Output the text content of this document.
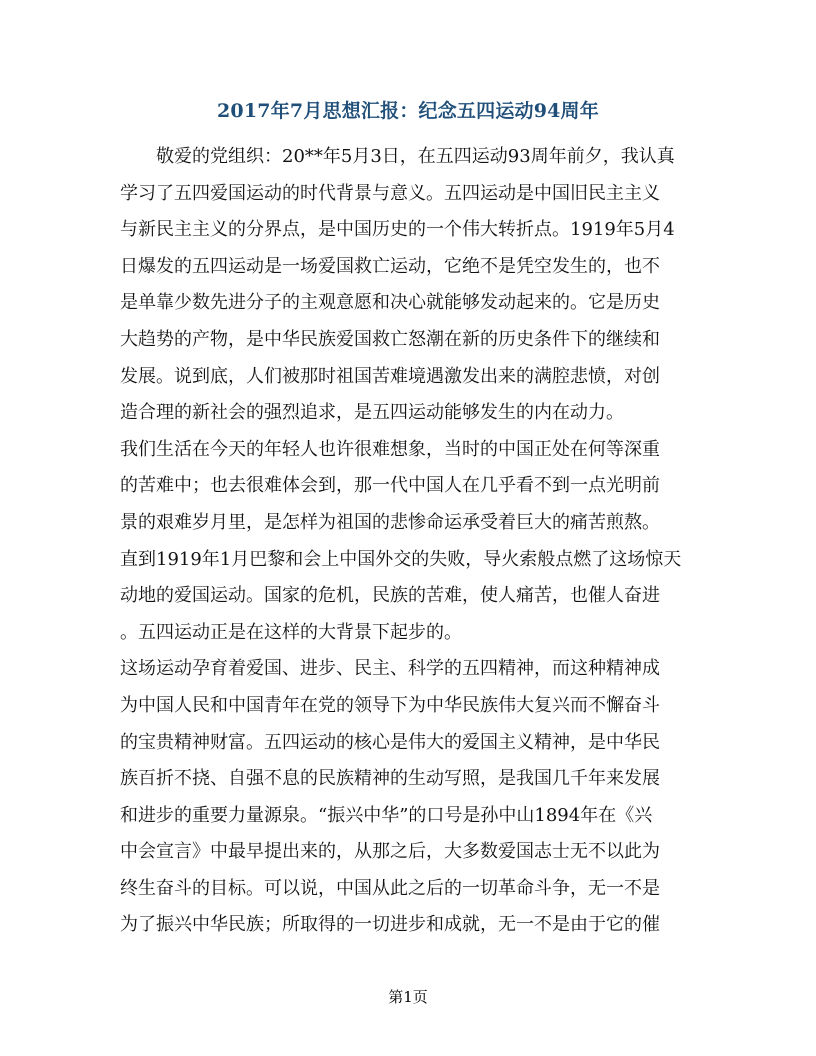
2017年7月思想汇报：纪念五四运动94周年
敬爱的党组织：20**年5月3日，在五四运动93周年前夕，我认真
学习了五四爱国运动的时代背景与意义。五四运动是中国旧民主主义
与新民主主义的分界点，是中国历史的一个伟大转折点。1919年5月4
日爆发的五四运动是一场爱国救亡运动，它绝不是凭空发生的，也不
是单靠少数先进分子的主观意愿和决心就能够发动起来的。它是历史
大趋势的产物，是中华民族爱国救亡怒潮在新的历史条件下的继续和
发展。说到底，人们被那时祖国苦难境遇激发出来的满腔悲愤，对创
造合理的新社会的强烈追求，是五四运动能够发生的内在动力。
我们生活在今天的年轻人也许很难想象，当时的中国正处在何等深重
的苦难中；也去很难体会到，那一代中国人在几乎看不到一点光明前
景的艰难岁月里，是怎样为祖国的悲惨命运承受着巨大的痛苦煎熬。
直到1919年1月巴黎和会上中国外交的失败，导火索般点燃了这场惊天
动地的爱国运动。国家的危机，民族的苦难，使人痛苦，也催人奋进
。五四运动正是在这样的大背景下起步的。
这场运动孕育着爱国、进步、民主、科学的五四精神，而这种精神成
为中国人民和中国青年在党的领导下为中华民族伟大复兴而不懈奋斗
的宝贵精神财富。五四运动的核心是伟大的爱国主义精神，是中华民
族百折不挠、自强不息的民族精神的生动写照，是我国几千年来发展
和进步的重要力量源泉。“振兴中华”的口号是孙中山1894年在《兴
中会宣言》中最早提出来的，从那之后，大多数爱国志士无不以此为
终生奋斗的目标。可以说，中国从此之后的一切革命斗争，无一不是
为了振兴中华民族；所取得的一切进步和成就，无一不是由于它的催
第1页
